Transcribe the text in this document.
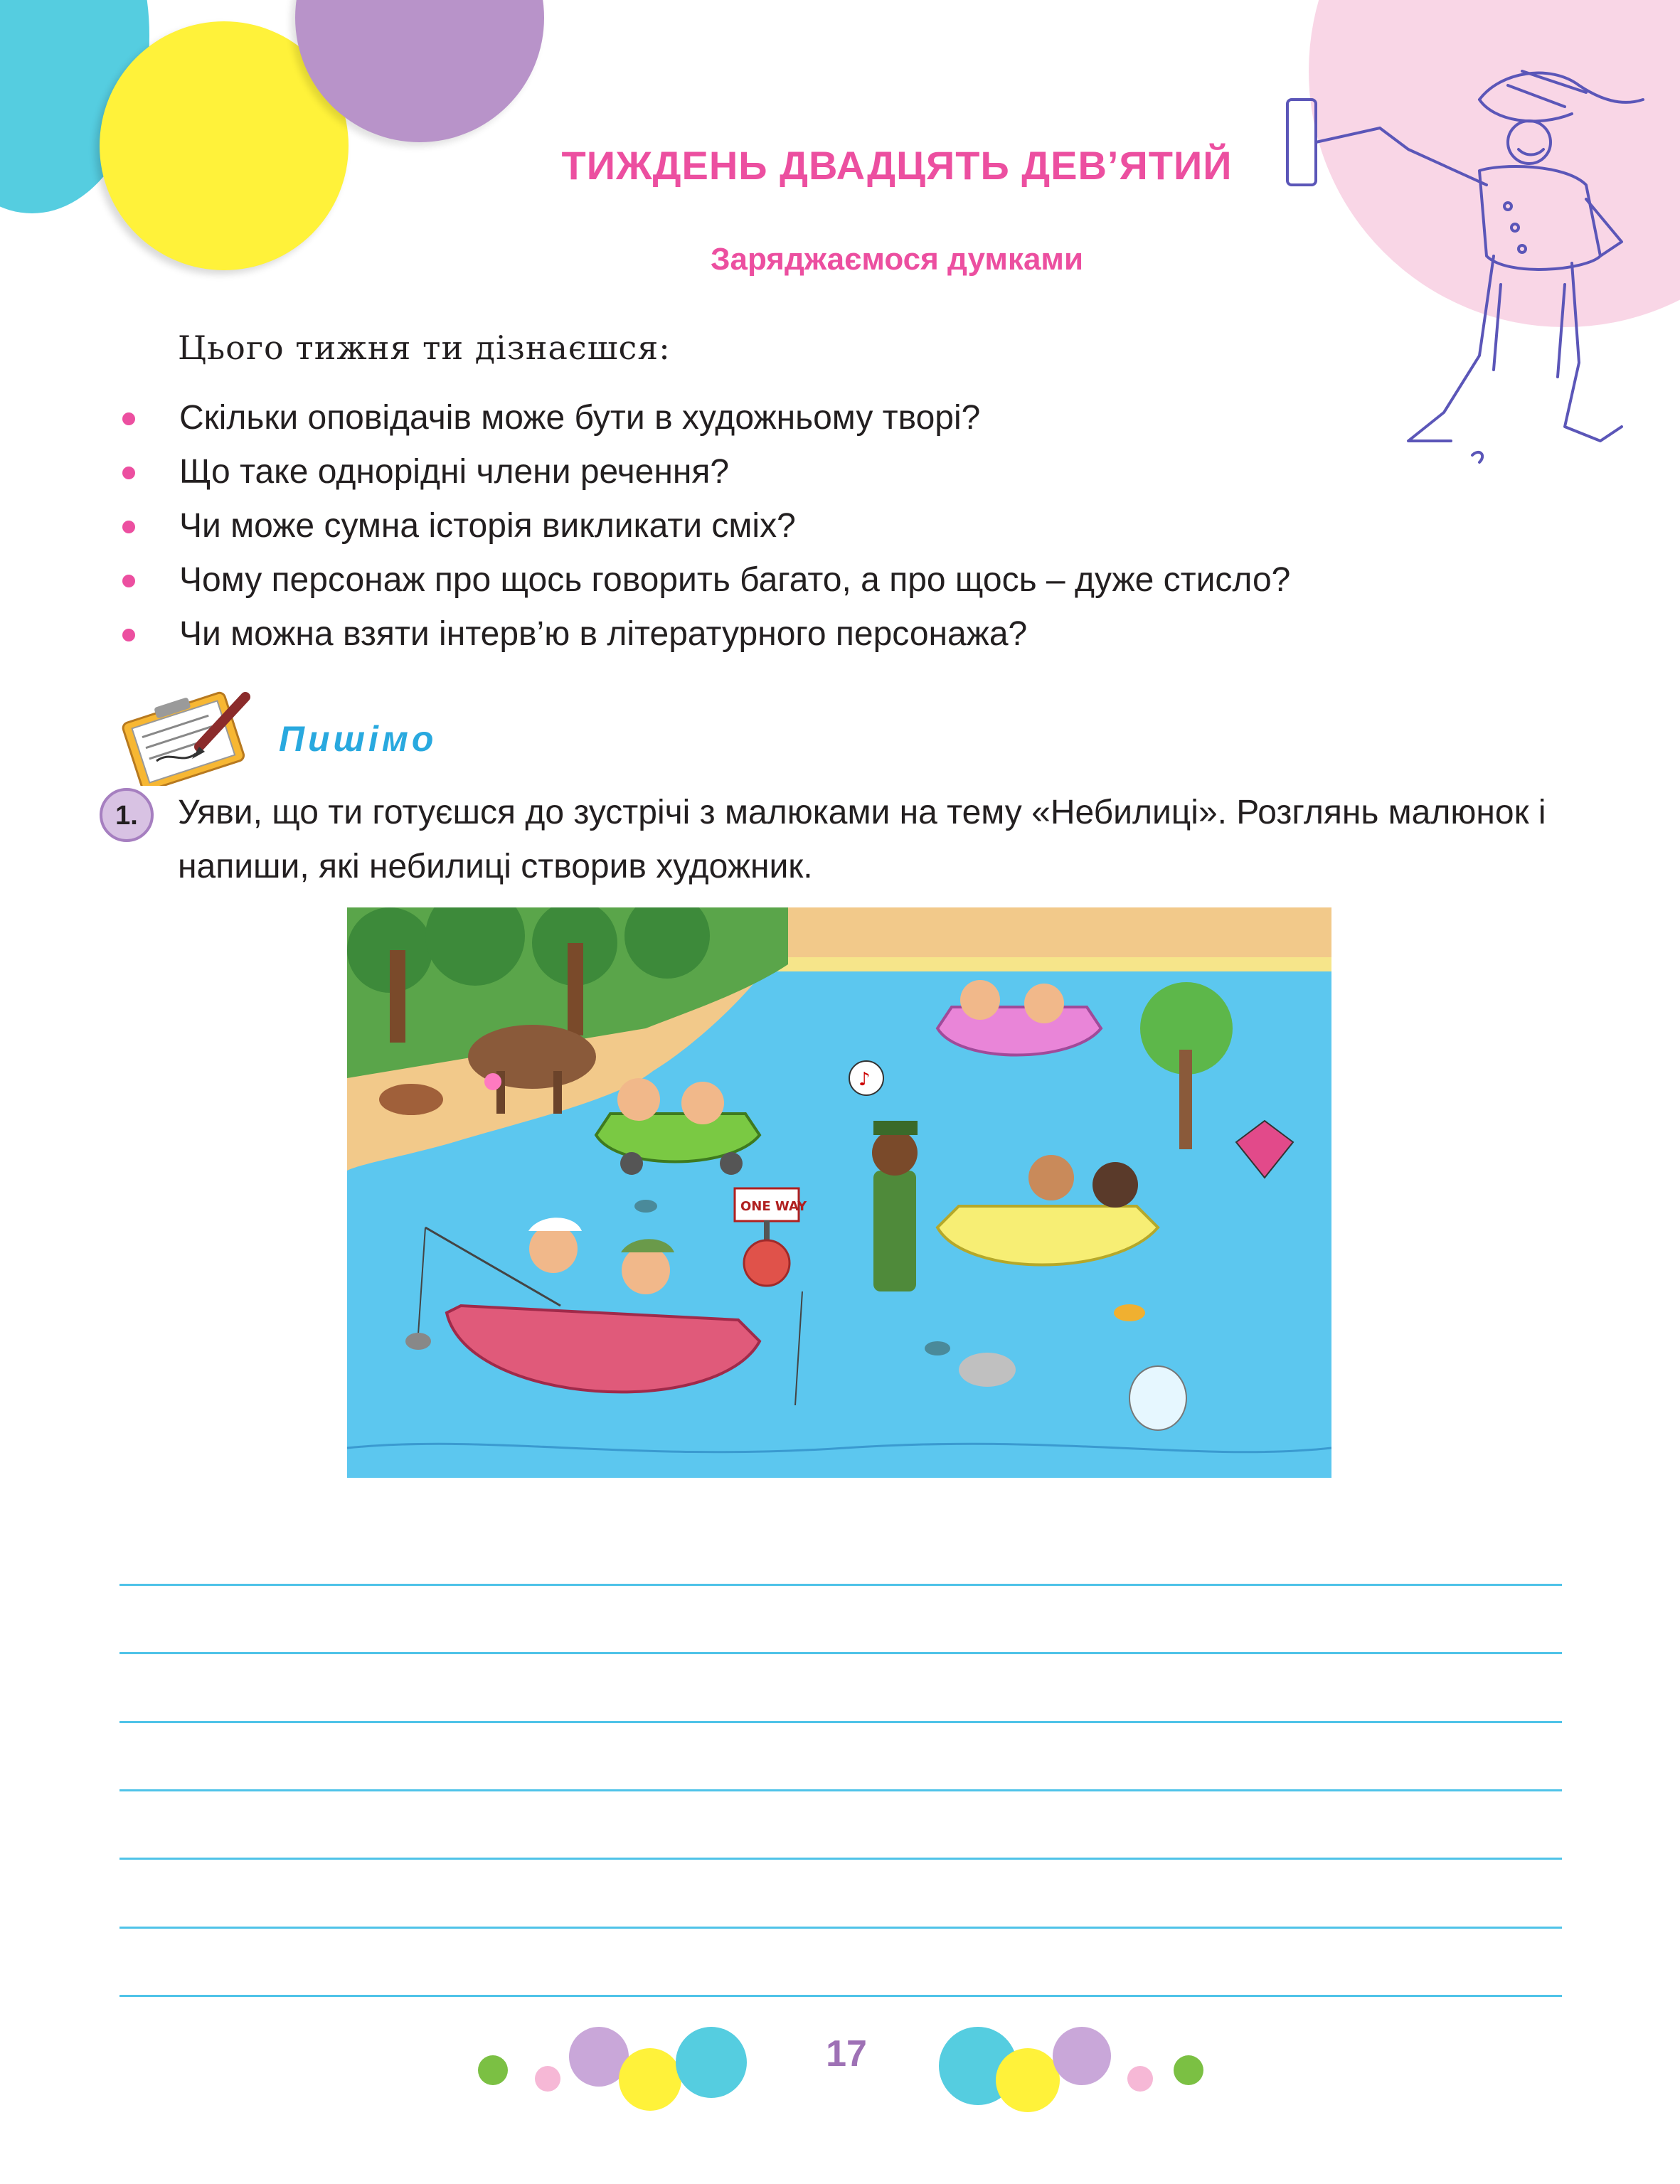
ТИЖДЕНЬ ДВАДЦЯТЬ ДЕВ’ЯТИЙ
Заряджаємося думками
Цього тижня ти дізнаєшся:
Скільки оповідачів може бути в художньому творі?
Що таке однорідні члени речення?
Чи може сумна історія викликати сміх?
Чому персонаж про щось говорить багато, а про щось – дуже стисло?
Чи можна взяти інтерв’ю в літературного персонажа?
Пишімо
1.	Уяви, що ти готуєшся до зустрічі з малюками на тему «Небилиці». Розглянь малюнок і напиши, які небилиці створив художник.
♪
ONE WAY
17
